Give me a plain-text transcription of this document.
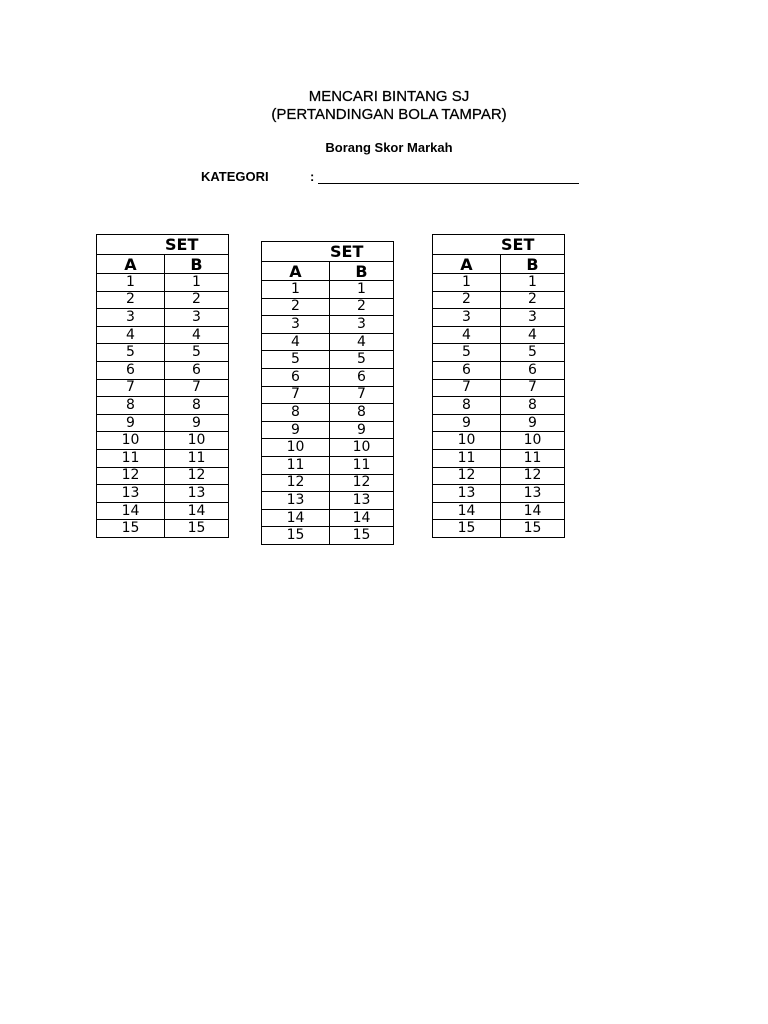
MENCARI BINTANG SJ
(PERTANDINGAN BOLA TAMPAR)
Borang Skor Markah
KATEGORI	:
SET	
A	B
1	1
2	2
3	3
4	4
5	5
6	6
7	7
8	8
9	9
10	10
11	11
12	12
13	13
14	14
15	15
SET	
A	B
1	1
2	2
3	3
4	4
5	5
6	6
7	7
8	8
9	9
10	10
11	11
12	12
13	13
14	14
15	15
SET	
A	B
1	1
2	2
3	3
4	4
5	5
6	6
7	7
8	8
9	9
10	10
11	11
12	12
13	13
14	14
15	15
